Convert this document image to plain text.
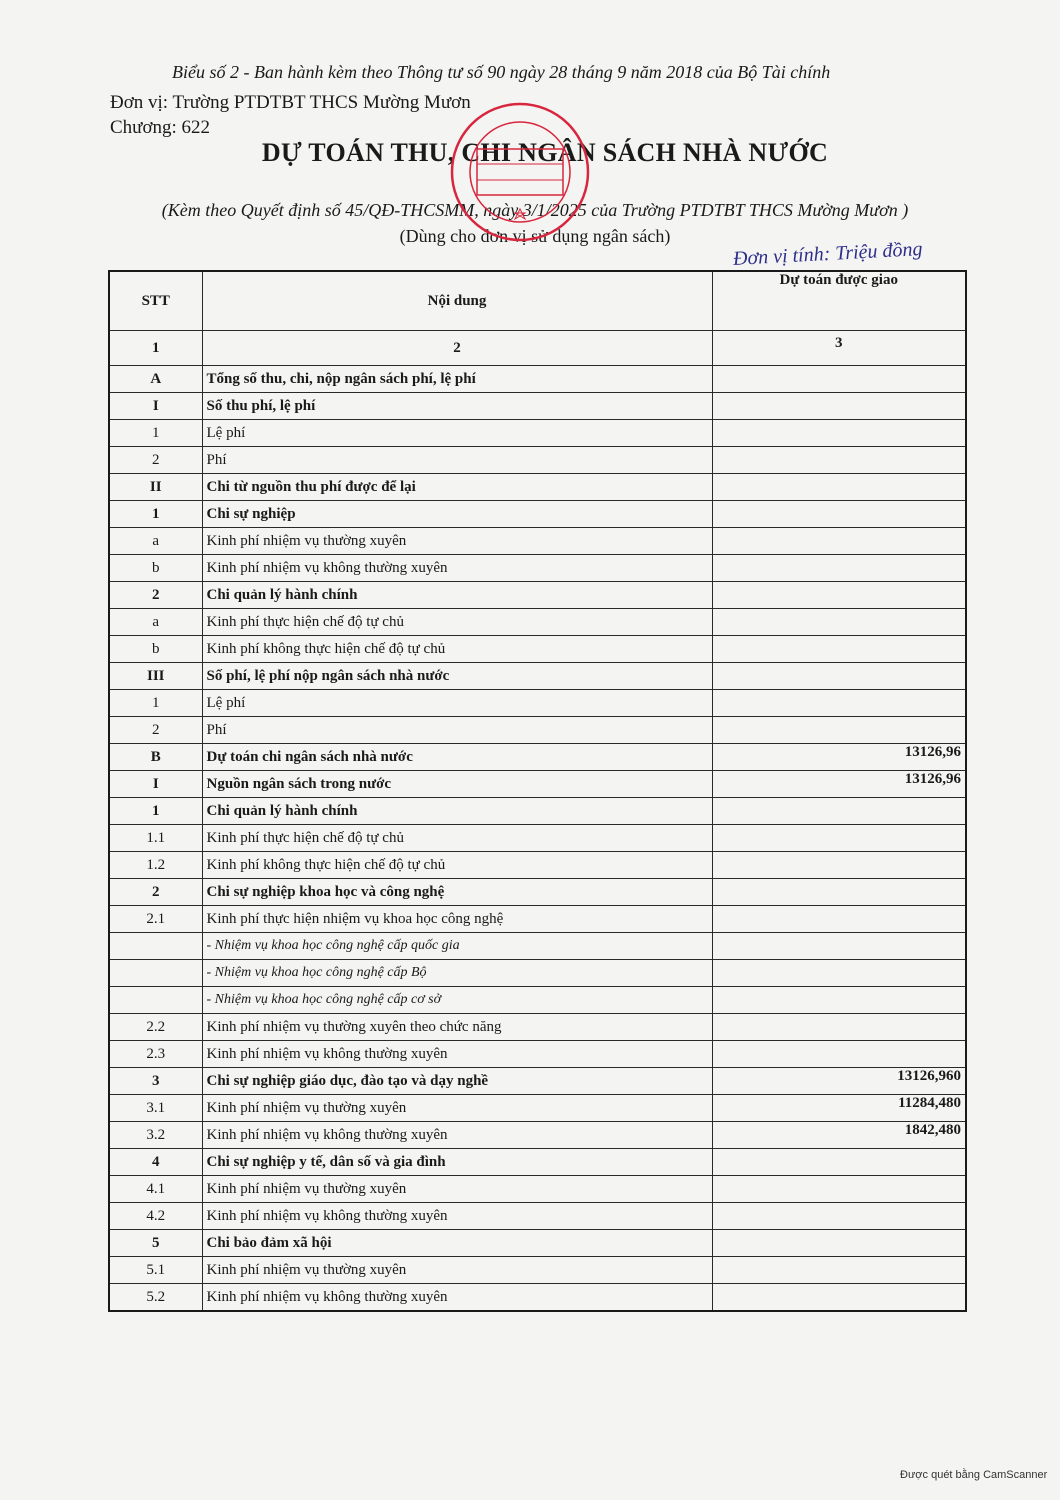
Biểu số 2 - Ban hành kèm theo Thông tư số 90 ngày 28 tháng 9 năm 2018 của Bộ Tài chính
Đơn vị: Trường PTDTBT THCS Mường Mươn
Chương: 622
DỰ TOÁN THU, CHI NGÂN SÁCH NHÀ NƯỚC
(Kèm theo Quyết định số 45/QĐ-THCSMM, ngày 3/1/2025 của Trường PTDTBT THCS Mường Mươn )
(Dùng cho đơn vị sử dụng ngân sách)
Đơn vị tính: Triệu đồng
STT	Nội dung	Dự toán được giao
1	2	3
A	Tổng số thu, chi, nộp ngân sách phí, lệ phí	
I	Số thu phí, lệ phí	
1	Lệ phí	
2	Phí	
II	Chi từ nguồn thu phí được để lại	
1	Chi sự nghiệp	
a	Kinh phí nhiệm vụ thường xuyên	
b	Kinh phí nhiệm vụ không thường xuyên	
2	Chi quản lý hành chính	
a	Kinh phí thực hiện chế độ tự chủ	
b	Kinh phí không thực hiện chế độ tự chủ	
III	Số phí, lệ phí nộp ngân sách nhà nước	
1	Lệ phí	
2	Phí	
B	Dự toán chi ngân sách nhà nước	13126,96
I	Nguồn ngân sách trong nước	13126,96
1	Chi quản lý hành chính	
1.1	Kinh phí thực hiện chế độ tự chủ	
1.2	Kinh phí không thực hiện chế độ tự chủ	
2	Chi sự nghiệp khoa học và công nghệ	
2.1	Kinh phí thực hiện nhiệm vụ khoa học công nghệ	
	- Nhiệm vụ khoa học công nghệ cấp quốc gia	
	- Nhiệm vụ khoa học công nghệ cấp Bộ	
	- Nhiệm vụ khoa học công nghệ cấp cơ sở	
2.2	Kinh phí nhiệm vụ thường xuyên theo chức năng	
2.3	Kinh phí nhiệm vụ không thường xuyên	
3	Chi sự nghiệp giáo dục, đào tạo và dạy nghề	13126,960
3.1	Kinh phí nhiệm vụ thường xuyên	11284,480
3.2	Kinh phí nhiệm vụ không thường xuyên	1842,480
4	Chi sự nghiệp y tế, dân số và gia đình	
4.1	Kinh phí nhiệm vụ thường xuyên	
4.2	Kinh phí nhiệm vụ không thường xuyên	
5	Chi bảo đảm xã hội	
5.1	Kinh phí nhiệm vụ thường xuyên	
5.2	Kinh phí nhiệm vụ không thường xuyên	
Được quét bằng CamScanner
